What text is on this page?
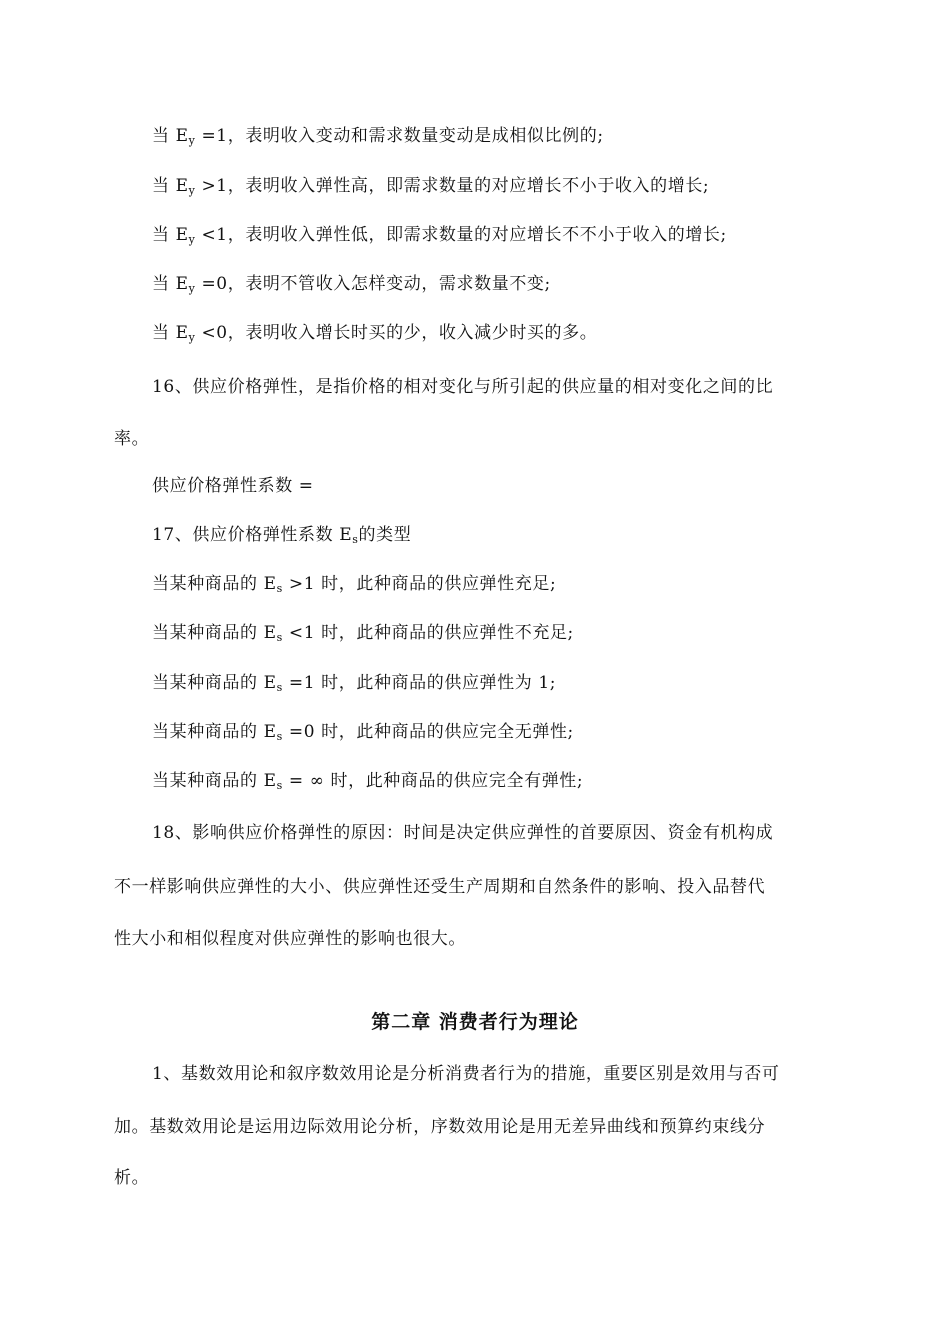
当 $E_y =1$，表明收入变动和需求数量变动是成相似比例的;
当 $E_y >1$，表明收入弹性高，即需求数量的对应增长不小于收入的增长;
当 $E_y <1$，表明收入弹性低，即需求数量的对应增长不不小于收入的增长;
当 $E_y =0$，表明不管收入怎样变动，需求数量不变;
当 $E_y <0$，表明收入增长时买的少，收入减少时买的多。
16、供应价格弹性，是指价格的相对变化与所引起的供应量的相对变化之间的比
率。
供应价格弹性系数 =
17、供应价格弹性系数 $E_s$的类型
当某种商品的 $E_s >1$ 时，此种商品的供应弹性充足;
当某种商品的 $E_s <1$ 时，此种商品的供应弹性不充足;
当某种商品的 $E_s =1$ 时，此种商品的供应弹性为 1;
当某种商品的 $E_s =0$ 时，此种商品的供应完全无弹性;
当某种商品的 $E_s$ = ∞ 时，此种商品的供应完全有弹性;
18、影响供应价格弹性的原因：时间是决定供应弹性的首要原因、资金有机构成
不一样影响供应弹性的大小、供应弹性还受生产周期和自然条件的影响、投入品替代
性大小和相似程度对供应弹性的影响也很大。
第二章 消费者行为理论
1、基数效用论和叙序数效用论是分析消费者行为的措施，重要区别是效用与否可
加。基数效用论是运用边际效用论分析，序数效用论是用无差异曲线和预算约束线分
析。
